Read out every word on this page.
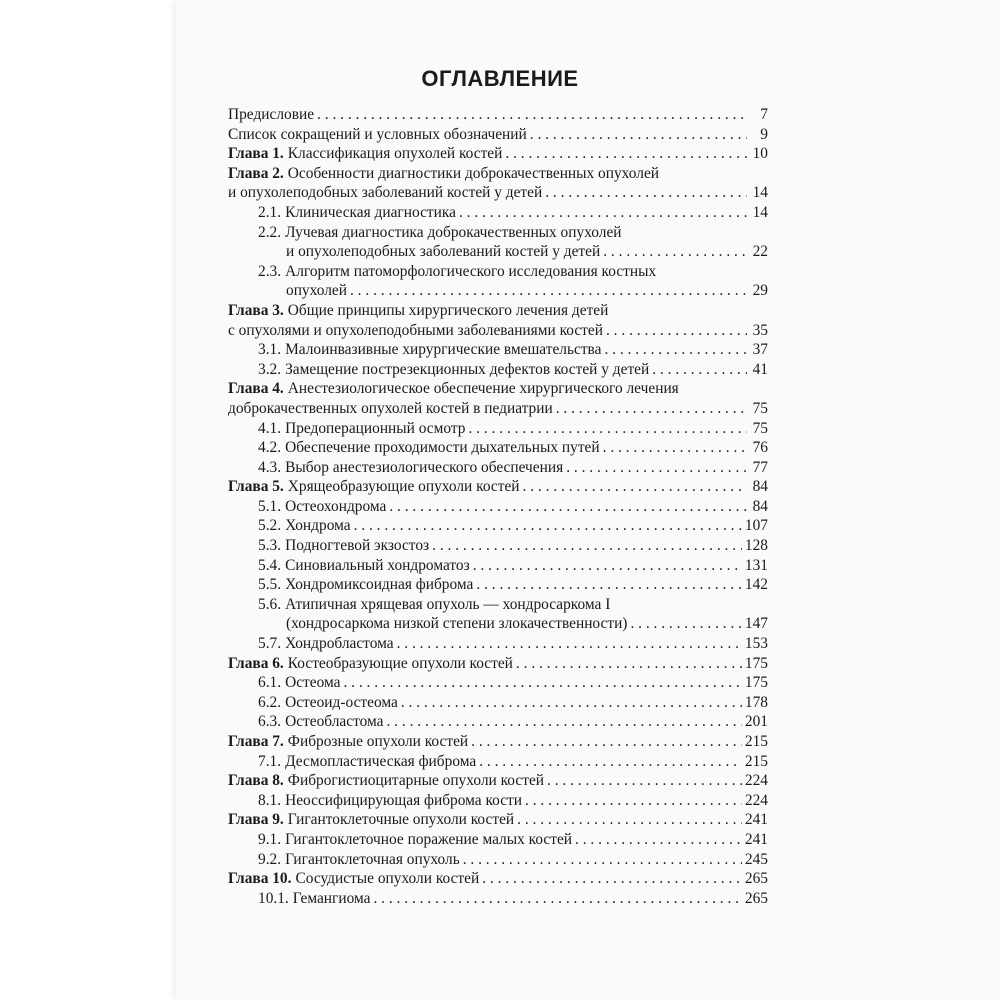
ОГЛАВЛЕНИЕ
Предисловие . . .	7
Список сокращений и условных обозначений . . .	9
Глава 1. Классификация опухолей костей . . .	10
Глава 2. Особенности диагностики доброкачественных опухолей
и опухолеподобных заболеваний костей у детей . . .	14
2.1. Клиническая диагностика . . .	14
2.2. Лучевая диагностика доброкачественных опухолей
и опухолеподобных заболеваний костей у детей . . .	22
2.3. Алгоритм патоморфологического исследования костных
опухолей . . .	29
Глава 3. Общие принципы хирургического лечения детей
с опухолями и опухолеподобными заболеваниями костей . . .	35
3.1. Малоинвазивные хирургические вмешательства . . .	37
3.2. Замещение пострезекционных дефектов костей у детей . . .	41
Глава 4. Анестезиологическое обеспечение хирургического лечения
доброкачественных опухолей костей в педиатрии . . .	75
4.1. Предоперационный осмотр . . .	75
4.2. Обеспечение проходимости дыхательных путей . . .	76
4.3. Выбор анестезиологического обеспечения . . .	77
Глава 5. Хрящеобразующие опухоли костей . . .	84
5.1. Остеохондрома . . .	84
5.2. Хондрома . . .	107
5.3. Подногтевой экзостоз . . .	128
5.4. Синовиальный хондроматоз . . .	131
5.5. Хондромиксоидная фиброма . . .	142
5.6. Атипичная хрящевая опухоль — хондросаркома I
(хондросаркома низкой степени злокачественности) . . .	147
5.7. Хондробластома . . .	153
Глава 6. Костеобразующие опухоли костей . . .	175
6.1. Остеома . . .	175
6.2. Остеоид-остеома . . .	178
6.3. Остеобластома . . .	201
Глава 7. Фиброзные опухоли костей . . .	215
7.1. Десмопластическая фиброма . . .	215
Глава 8. Фиброгистиоцитарные опухоли костей . . .	224
8.1. Неоссифицирующая фиброма кости . . .	224
Глава 9. Гигантоклеточные опухоли костей . . .	241
9.1. Гигантоклеточное поражение малых костей . . .	241
9.2. Гигантоклеточная опухоль . . .	245
Глава 10. Сосудистые опухоли костей . . .	265
10.1. Гемангиома . . .	265
